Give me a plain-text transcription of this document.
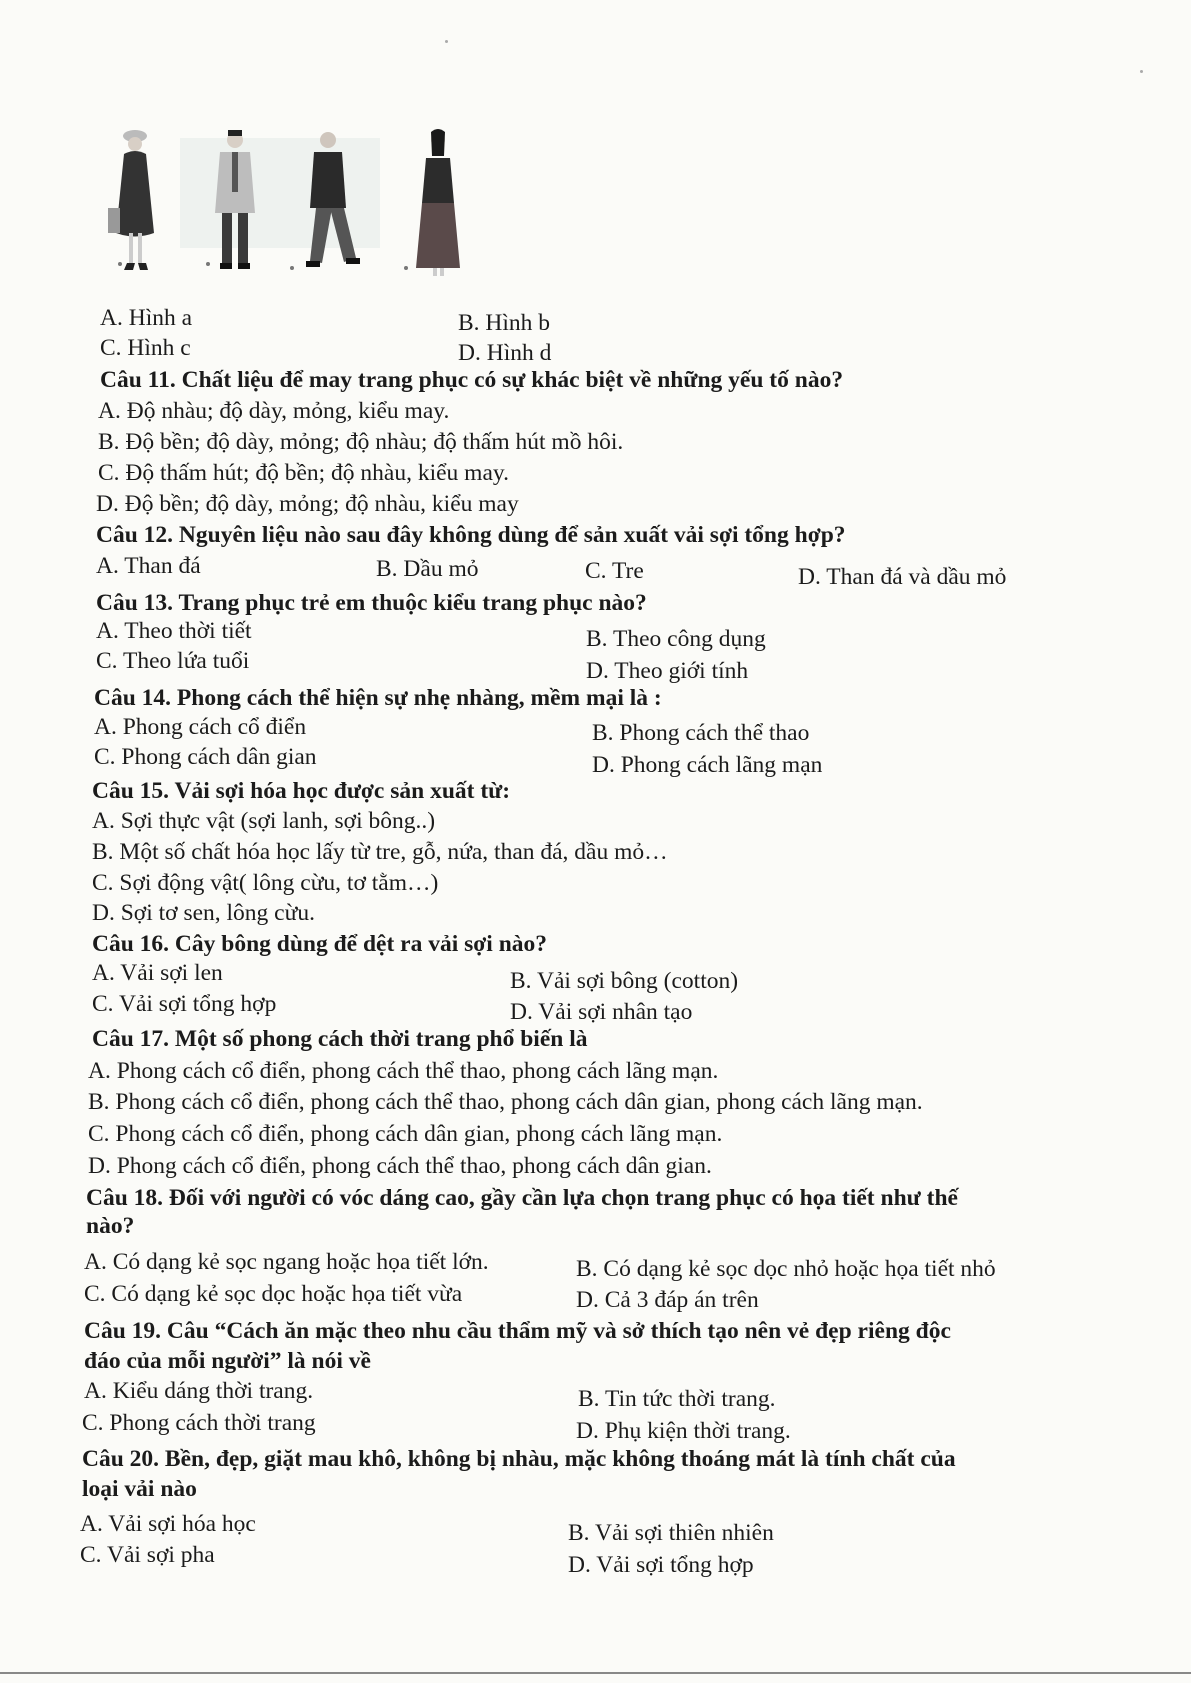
A. Hình a	B. Hình b
C. Hình c	D. Hình d
Câu 11. Chất liệu để may trang phục có sự khác biệt về những yếu tố nào?
A. Độ nhàu; độ dày, mỏng, kiểu may.
B. Độ bền; độ dày, mỏng; độ nhàu; độ thấm hút mồ hôi.
C. Độ thấm hút; độ bền; độ nhàu, kiểu may.
D. Độ bền; độ dày, mỏng; độ nhàu, kiểu may
Câu 12. Nguyên liệu nào sau đây không dùng để sản xuất vải sợi tổng hợp?
A. Than đá	B. Dầu mỏ	C. Tre	D. Than đá và dầu mỏ
Câu 13. Trang phục trẻ em thuộc kiểu trang phục nào?
A. Theo thời tiết	B. Theo công dụng
C. Theo lứa tuổi	D. Theo giới tính
Câu 14. Phong cách thể hiện sự nhẹ nhàng, mềm mại là :
A. Phong cách cổ điển	B. Phong cách thể thao
C. Phong cách dân gian	D. Phong cách lãng mạn
Câu 15. Vải sợi hóa học được sản xuất từ:
A. Sợi thực vật (sợi lanh, sợi bông..)
B. Một số chất hóa học lấy từ tre, gỗ, nứa, than đá, dầu mỏ…
C. Sợi động vật( lông cừu, tơ tằm…)
D. Sợi tơ sen, lông cừu.
Câu 16. Cây bông dùng để dệt ra vải sợi nào?
A. Vải sợi len	B. Vải sợi bông (cotton)
C. Vải sợi tổng hợp	D. Vải sợi nhân tạo
Câu 17. Một số phong cách thời trang phổ biến là
A. Phong cách cổ điển, phong cách thể thao, phong cách lãng mạn.
B. Phong cách cổ điển, phong cách thể thao, phong cách dân gian, phong cách lãng mạn.
C. Phong cách cổ điển, phong cách dân gian, phong cách lãng mạn.
D. Phong cách cổ điển, phong cách thể thao, phong cách dân gian.
Câu 18. Đối với người có vóc dáng cao, gầy cần lựa chọn trang phục có họa tiết như thế
nào?
A. Có dạng kẻ sọc ngang hoặc họa tiết lớn.	B. Có dạng kẻ sọc dọc nhỏ hoặc họa tiết nhỏ
C. Có dạng kẻ sọc dọc hoặc họa tiết vừa	D. Cả 3 đáp án trên
Câu 19. Câu “Cách ăn mặc theo nhu cầu thẩm mỹ và sở thích tạo nên vẻ đẹp riêng độc
đáo của mỗi người” là nói về
A. Kiểu dáng thời trang.	B. Tin tức thời trang.
C. Phong cách thời trang	D. Phụ kiện thời trang.
Câu 20. Bền, đẹp, giặt mau khô, không bị nhàu, mặc không thoáng mát là tính chất của
loại vải nào
A. Vải sợi hóa học	B. Vải sợi thiên nhiên
C. Vải sợi pha	D. Vải sợi tổng hợp
